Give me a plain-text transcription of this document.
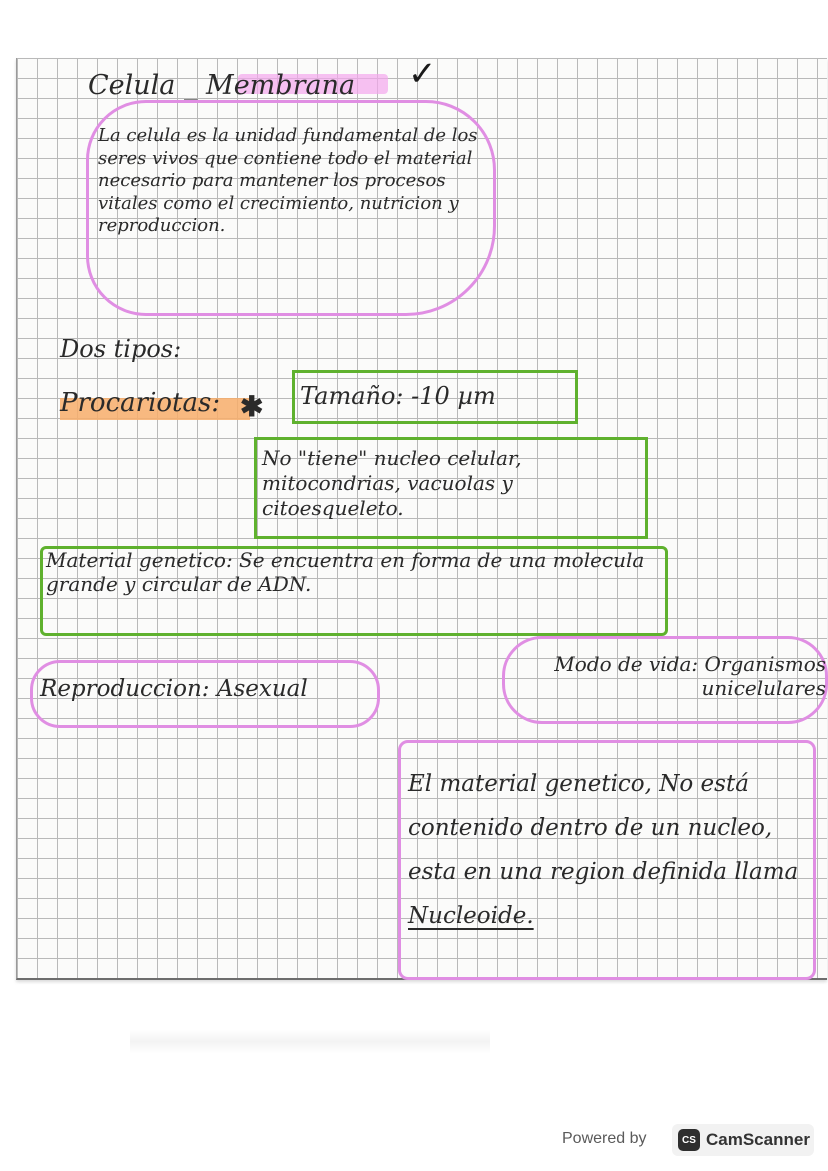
Celula _ Membrana ✓
La celula es la unidad fundamental de los seres vivos que contiene todo el material necesario para mantener los procesos vitales como el crecimiento, nutricion y reproduccion.
Dos tipos:
Procariotas: ✱ Tamaño: -10 µm
No "tiene" nucleo celular, mitocondrias, vacuolas y citoesqueleto.
Material genetico: Se encuentra en forma de una molecula grande y circular de ADN.
Reproduccion: Asexual
Modo de vida: Organismos unicelulares
El material genetico, No está contenido dentro de un nucleo, esta en una region definida llama Nucleoide.
Powered by	CS CamScanner
